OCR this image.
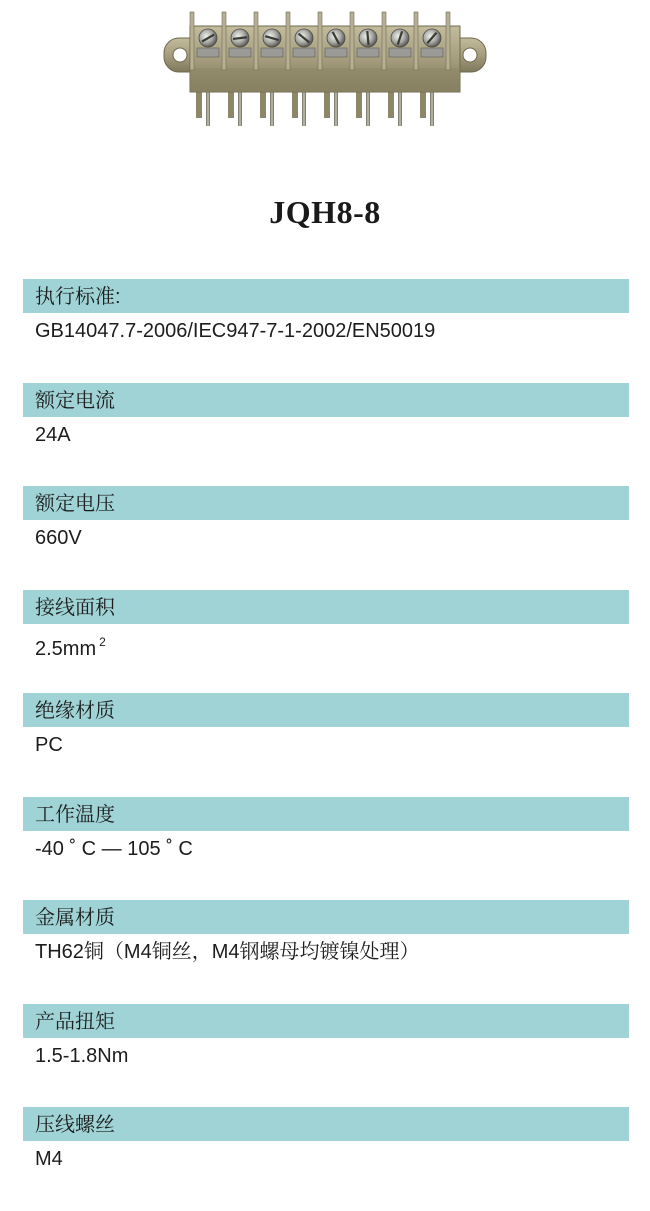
JQH8-8
执行标准:
GB14047.7-2006/IEC947-7-1-2002/EN50019
额定电流
24A
额定电压
660V
接线面积
2.5mm $^2$
绝缘材质
PC
工作温度
-40 ˚ C — 105 ˚ C
金属材质
TH62铜（M4铜丝，M4钢螺母均镀镍处理）
产品扭矩
1.5-1.8Nm
压线螺丝
M4
